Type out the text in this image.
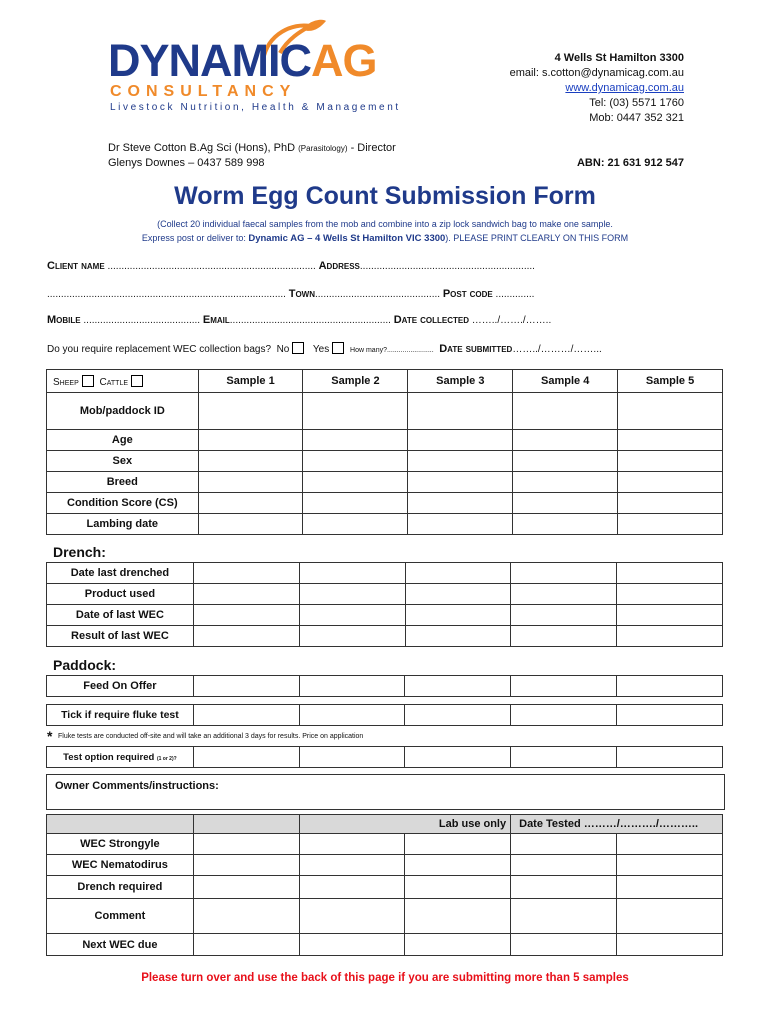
DYNAMICAG
CONSULTANCY
Livestock Nutrition, Health & Management
4 Wells St Hamilton 3300
email: s.cotton@dynamicag.com.au
www.dynamicag.com.au
Tel: (03) 5571 1760
Mob: 0447 352 321
Dr Steve Cotton B.Ag Sci (Hons), PhD (Parasitology) - Director
Glenys Downes – 0437 589 998	ABN: 21 631 912 547
Worm Egg Count Submission Form
(Collect 20 individual faecal samples from the mob and combine into a zip lock sandwich bag to make one sample.
Express post or deliver to: Dynamic AG – 4 Wells St Hamilton VIC 3300). PLEASE PRINT CLEARLY ON THIS FORM
Client name ........................................................................... Address...............................................................
...................................................................................... Town............................................. Post code ..............
Mobile .......................................... Email.......................................................... Date collected ……../……./……..
Do you require replacement WEC collection bags? No Yes	How many?........................ Date submitted……../………/……...
Sheep Cattle	Sample 1	Sample 2	Sample 3	Sample 4	Sample 5
Mob/paddock ID					
Age					
Sex					
Breed					
Condition Score (CS)					
Lambing date					
Drench:
Date last drenched					
Product used					
Date of last WEC					
Result of last WEC					
Paddock:
Feed On Offer					
Tick if require fluke test					
* Fluke tests are conducted off-site and will take an additional 3 days for results. Price on application
Test option required (1 or 2)?					
Owner Comments/instructions:
		Lab use only		Date Tested ………/………./………..	
WEC Strongyle					
WEC Nematodirus					
Drench required					
Comment					
Next WEC due					
Please turn over and use the back of this page if you are submitting more than 5 samples
